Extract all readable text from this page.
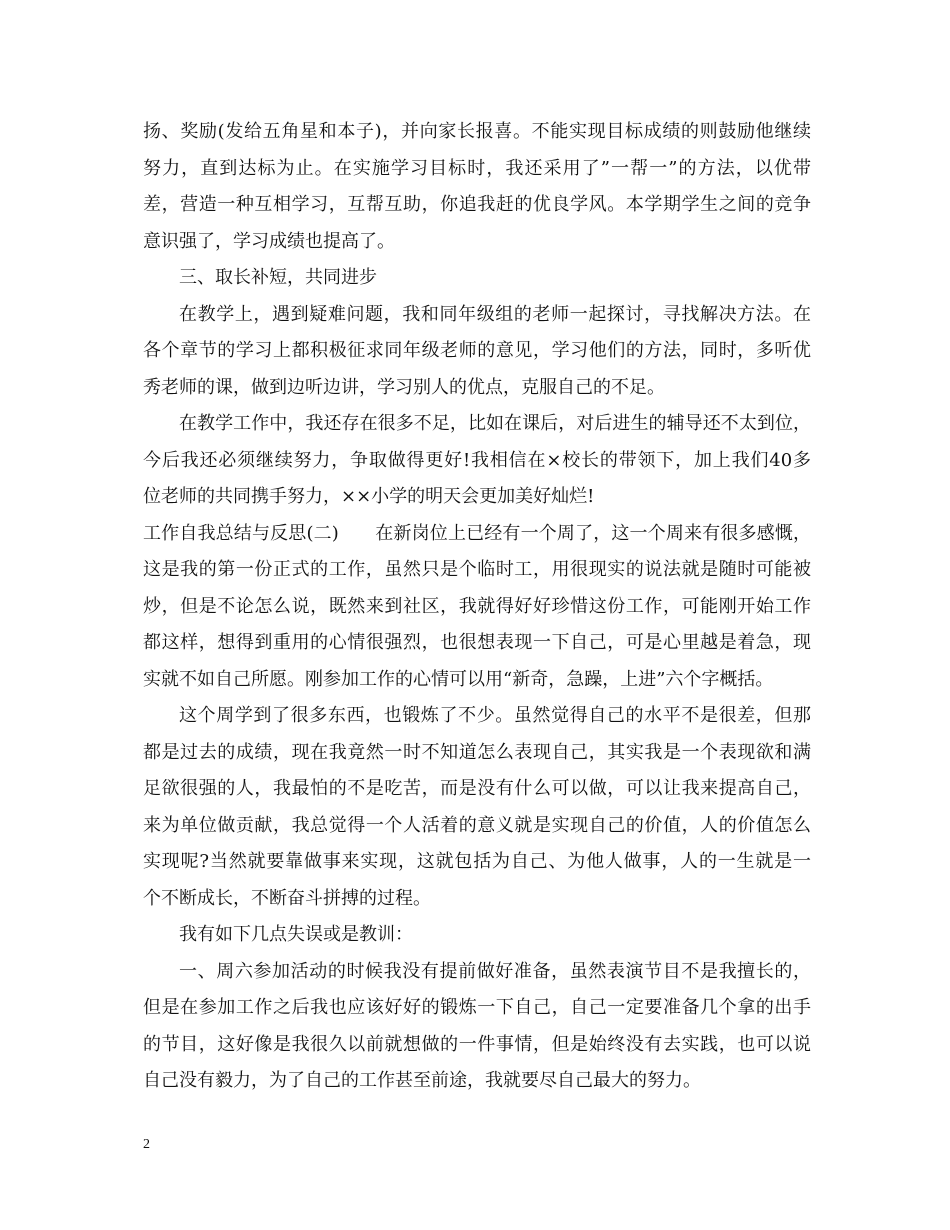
扬、奖励(发给五角星和本子)，并向家长报喜。不能实现目标成绩的则鼓励他继续
努力，直到达标为止。在实施学习目标时，我还采用了”一帮一”的方法，以优带
差，营造一种互相学习，互帮互助，你追我赶的优良学风。本学期学生之间的竞争
意识强了，学习成绩也提高了。
三、取长补短，共同进步
在教学上，遇到疑难问题，我和同年级组的老师一起探讨，寻找解决方法。在
各个章节的学习上都积极征求同年级老师的意见，学习他们的方法，同时，多听优
秀老师的课，做到边听边讲，学习别人的优点，克服自己的不足。
在教学工作中，我还存在很多不足，比如在课后，对后进生的辅导还不太到位，
今后我还必须继续努力，争取做得更好!我相信在×校长的带领下，加上我们40多
位老师的共同携手努力，××小学的明天会更加美好灿烂!
工作自我总结与反思(二)　　在新岗位上已经有一个周了，这一个周来有很多感慨，
这是我的第一份正式的工作，虽然只是个临时工，用很现实的说法就是随时可能被
炒，但是不论怎么说，既然来到社区，我就得好好珍惜这份工作，可能刚开始工作
都这样，想得到重用的心情很强烈，也很想表现一下自己，可是心里越是着急，现
实就不如自己所愿。刚参加工作的心情可以用“新奇，急躁，上进”六个字概括。
这个周学到了很多东西，也锻炼了不少。虽然觉得自己的水平不是很差，但那
都是过去的成绩，现在我竟然一时不知道怎么表现自己，其实我是一个表现欲和满
足欲很强的人，我最怕的不是吃苦，而是没有什么可以做，可以让我来提高自己，
来为单位做贡献，我总觉得一个人活着的意义就是实现自己的价值，人的价值怎么
实现呢?当然就要靠做事来实现，这就包括为自己、为他人做事，人的一生就是一
个不断成长，不断奋斗拼搏的过程。
我有如下几点失误或是教训：
一、周六参加活动的时候我没有提前做好准备，虽然表演节目不是我擅长的，
但是在参加工作之后我也应该好好的锻炼一下自己，自己一定要准备几个拿的出手
的节目，这好像是我很久以前就想做的一件事情，但是始终没有去实践，也可以说
自己没有毅力，为了自己的工作甚至前途，我就要尽自己最大的努力。
2
